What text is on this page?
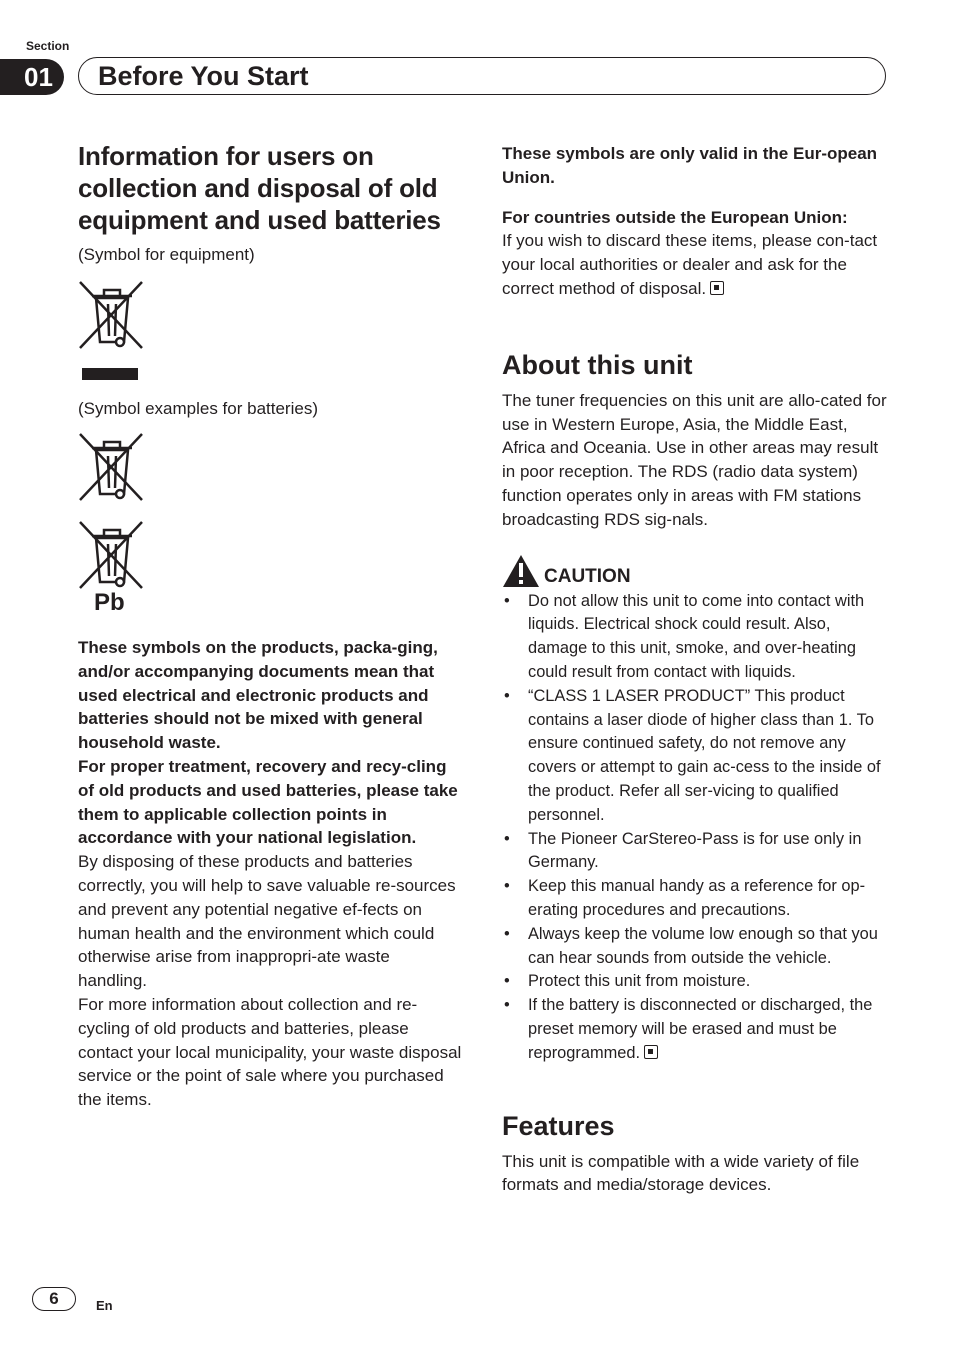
Section
01	Before You Start
Information for users on collection and disposal of old equipment and used batteries
(Symbol for equipment)
(Symbol examples for batteries)
Pb

These symbols on the products, packa-ging, and/or accompanying documents mean that used electrical and electronic products and batteries should not be mixed with general household waste.

For proper treatment, recovery and recy-cling of old products and used batteries, please take them to applicable collection points in accordance with your national legislation.

By disposing of these products and batteries correctly, you will help to save valuable re-sources and prevent any potential negative ef-fects on human health and the environment which could otherwise arise from inappropri-ate waste handling.

For more information about collection and re-cycling of old products and batteries, please contact your local municipality, your waste disposal service or the point of sale where you purchased the items.

These symbols are only valid in the Eur-opean Union.

For countries outside the European Union:

If you wish to discard these items, please con-tact your local authorities or dealer and ask for the correct method of disposal.

About this unit

The tuner frequencies on this unit are allo-cated for use in Western Europe, Asia, the Middle East, Africa and Oceania. Use in other areas may result in poor reception. The RDS (radio data system) function operates only in areas with FM stations broadcasting RDS sig-nals.

CAUTION
• Do not allow this unit to come into contact with liquids. Electrical shock could result. Also, damage to this unit, smoke, and over-heating could result from contact with liquids.
• “CLASS 1 LASER PRODUCT” This product contains a laser diode of higher class than 1. To ensure continued safety, do not remove any covers or attempt to gain ac-cess to the inside of the product. Refer all ser-vicing to qualified personnel.
• The Pioneer CarStereo-Pass is for use only in Germany.
• Keep this manual handy as a reference for op-erating procedures and precautions.
• Always keep the volume low enough so that you can hear sounds from outside the vehicle.
• Protect this unit from moisture.
• If the battery is disconnected or discharged, the preset memory will be erased and must be reprogrammed.
Features

This unit is compatible with a wide variety of file formats and media/storage devices.

6	En
